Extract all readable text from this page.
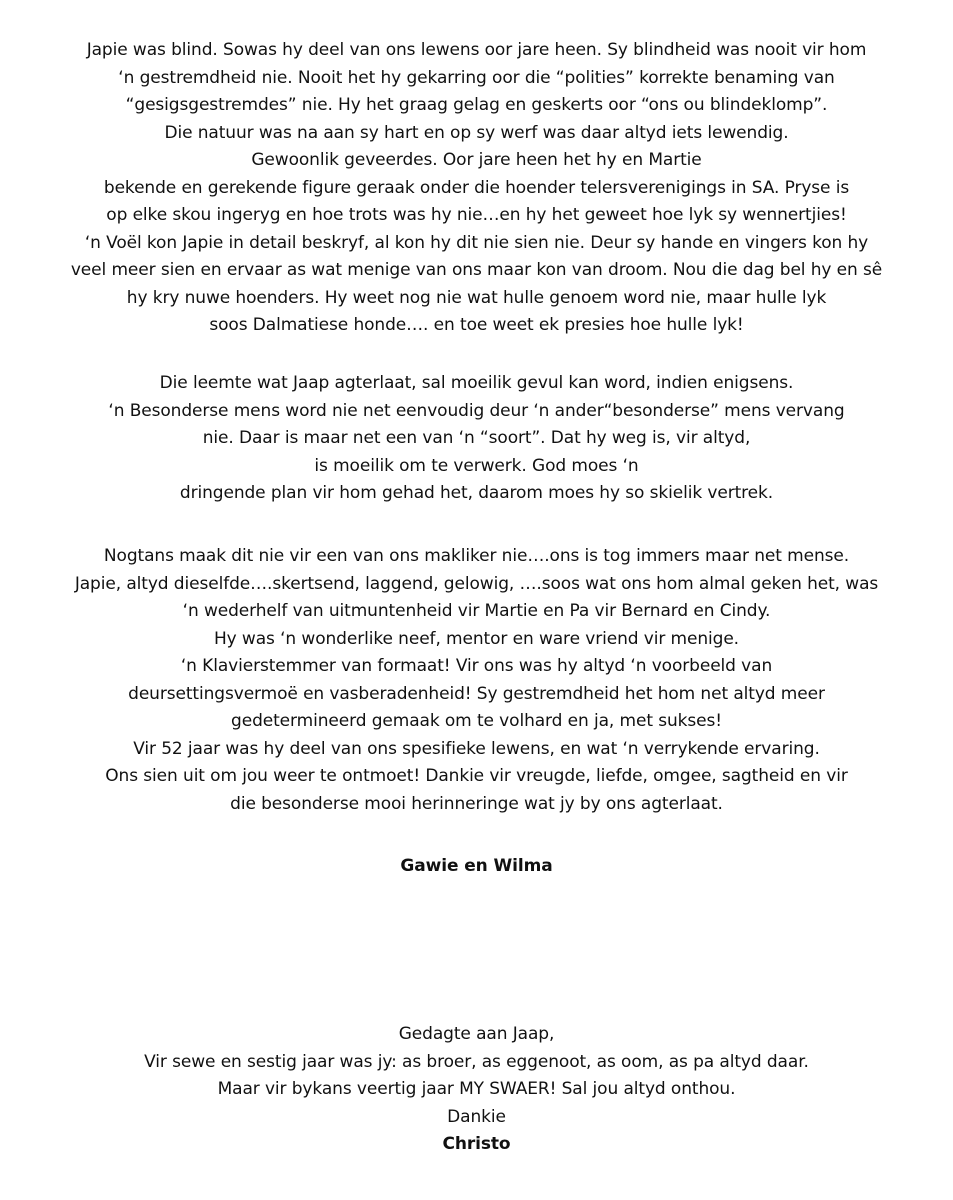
Japie was blind. Sowas hy deel van ons lewens oor jare heen. Sy blindheid was nooit vir hom
‘n gestremdheid nie. Nooit het hy gekarring oor die “polities” korrekte benaming van
“gesigsgestremdes” nie. Hy het graag gelag en geskerts oor “ons ou blindeklomp”.
Die natuur was na aan sy hart en op sy werf was daar altyd iets lewendig.
Gewoonlik geveerdes. Oor jare heen het hy en Martie
bekende en gerekende figure geraak onder die hoender telersverenigings in SA. Pryse is
op elke skou ingeryg en hoe trots was hy nie…en hy het geweet hoe lyk sy wennertjies!
‘n Voël kon Japie in detail beskryf, al kon hy dit nie sien nie. Deur sy hande en vingers kon hy
veel meer sien en ervaar as wat menige van ons maar kon van droom. Nou die dag bel hy en sê
hy kry nuwe hoenders. Hy weet nog nie wat hulle genoem word nie, maar hulle lyk
soos Dalmatiese honde…. en toe weet ek presies hoe hulle lyk!
Die leemte wat Jaap agterlaat, sal moeilik gevul kan word, indien enigsens.
‘n Besonderse mens word nie net eenvoudig deur ‘n ander“besonderse” mens vervang
nie. Daar is maar net een van ‘n “soort”. Dat hy weg is, vir altyd,
is moeilik om te verwerk. God moes ‘n
dringende plan vir hom gehad het, daarom moes hy so skielik vertrek.
Nogtans maak dit nie vir een van ons makliker nie….ons is tog immers maar net mense.
Japie, altyd dieselfde….skertsend, laggend, gelowig, ….soos wat ons hom almal geken het, was
‘n wederhelf van uitmuntenheid vir Martie en Pa vir Bernard en Cindy.
Hy was ‘n wonderlike neef, mentor en ware vriend vir menige.
‘n Klavierstemmer van formaat! Vir ons was hy altyd ‘n voorbeeld van
deursettingsvermoë en vasberadenheid! Sy gestremdheid het hom net altyd meer
gedetermineerd gemaak om te volhard en ja, met sukses!
Vir 52 jaar was hy deel van ons spesifieke lewens, en wat ‘n verrykende ervaring.
Ons sien uit om jou weer te ontmoet! Dankie vir vreugde, liefde, omgee, sagtheid en vir
die besonderse mooi herinneringe wat jy by ons agterlaat.
Gawie en Wilma
Gedagte aan Jaap,
Vir sewe en sestig jaar was jy: as broer, as eggenoot, as oom, as pa altyd daar.
Maar vir bykans veertig jaar MY SWAER! Sal jou altyd onthou.
Dankie
Christo
